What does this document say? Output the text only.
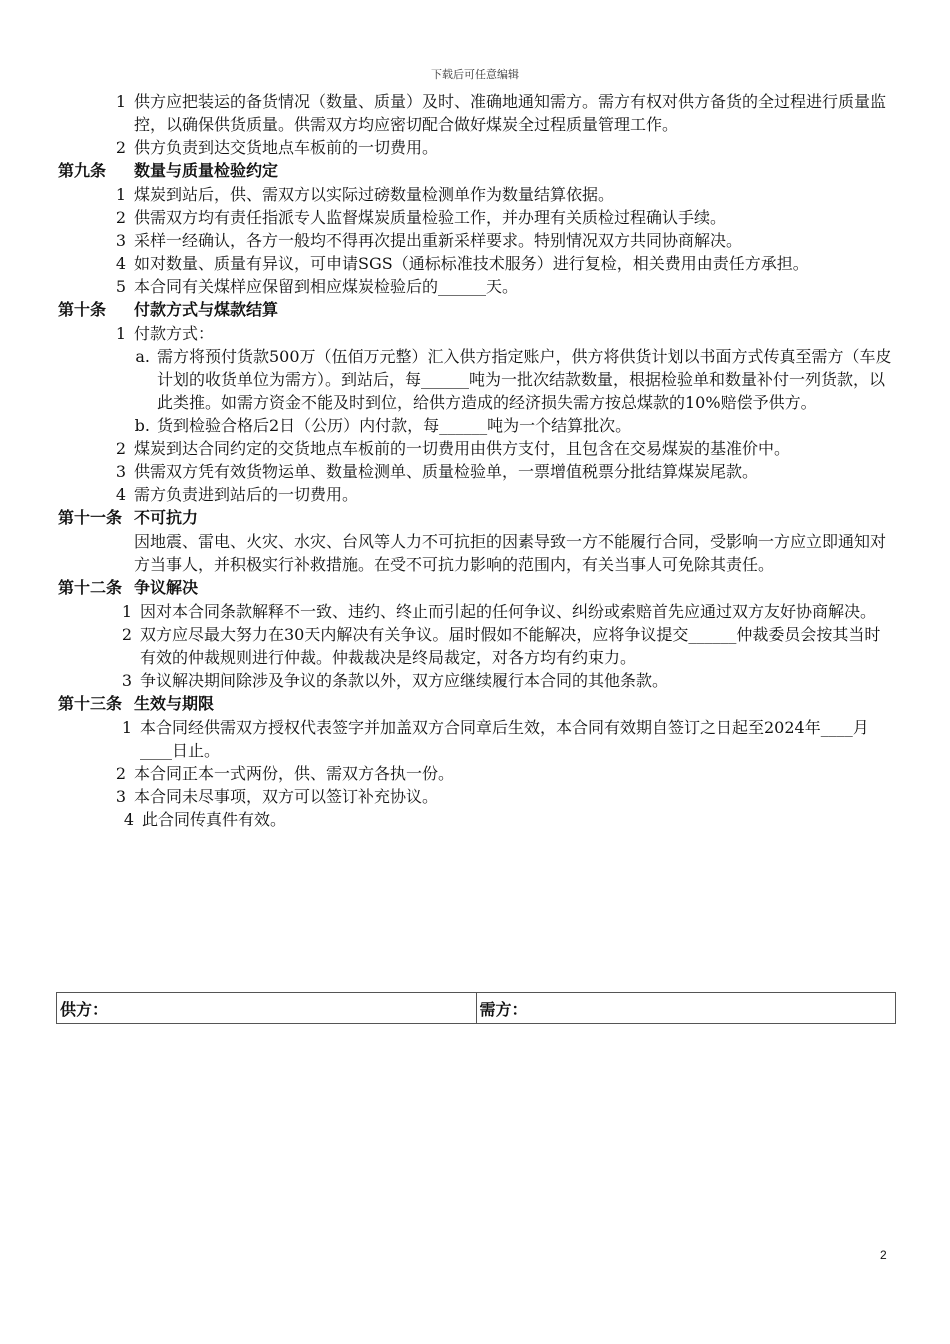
下载后可任意编辑
1 供方应把装运的备货情况（数量、质量）及时、准确地通知需方。需方有权对供方备货的全过程进行质量监控，以确保供货质量。供需双方均应密切配合做好煤炭全过程质量管理工作。
2 供方负责到达交货地点车板前的一切费用。
第九条 数量与质量检验约定
1 煤炭到站后，供、需双方以实际过磅数量检测单作为数量结算依据。
2 供需双方均有责任指派专人监督煤炭质量检验工作，并办理有关质检过程确认手续。
3 采样一经确认，各方一般均不得再次提出重新采样要求。特别情况双方共同协商解决。
4 如对数量、质量有异议，可申请SGS（通标标准技术服务）进行复检，相关费用由责任方承担。
5 本合同有关煤样应保留到相应煤炭检验后的______天。
第十条 付款方式与煤款结算
1 付款方式：
a. 需方将预付货款500万（伍佰万元整）汇入供方指定账户，供方将供货计划以书面方式传真至需方（车皮计划的收货单位为需方）。到站后，每______吨为一批次结款数量，根据检验单和数量补付一列货款，以此类推。如需方资金不能及时到位，给供方造成的经济损失需方按总煤款的10%赔偿予供方。
b. 货到检验合格后2日（公历）内付款，每______吨为一个结算批次。
2 煤炭到达合同约定的交货地点车板前的一切费用由供方支付，且包含在交易煤炭的基准价中。
3 供需双方凭有效货物运单、数量检测单、质量检验单，一票增值税票分批结算煤炭尾款。
4 需方负责进到站后的一切费用。
第十一条 不可抗力
因地震、雷电、火灾、水灾、台风等人力不可抗拒的因素导致一方不能履行合同，受影响一方应立即通知对方当事人，并积极实行补救措施。在受不可抗力影响的范围内，有关当事人可免除其责任。
第十二条 争议解决
1 因对本合同条款解释不一致、违约、终止而引起的任何争议、纠纷或索赔首先应通过双方友好协商解决。
2 双方应尽最大努力在30天内解决有关争议。届时假如不能解决，应将争议提交______仲裁委员会按其当时有效的仲裁规则进行仲裁。仲裁裁决是终局裁定，对各方均有约束力。
3 争议解决期间除涉及争议的条款以外，双方应继续履行本合同的其他条款。
第十三条 生效与期限
1 本合同经供需双方授权代表签字并加盖双方合同章后生效，本合同有效期自签订之日起至2024年____月____日止。
2 本合同正本一式两份，供、需双方各执一份。
3 本合同未尽事项，双方可以签订补充协议。
4 此合同传真件有效。
供方：	需方：
2
